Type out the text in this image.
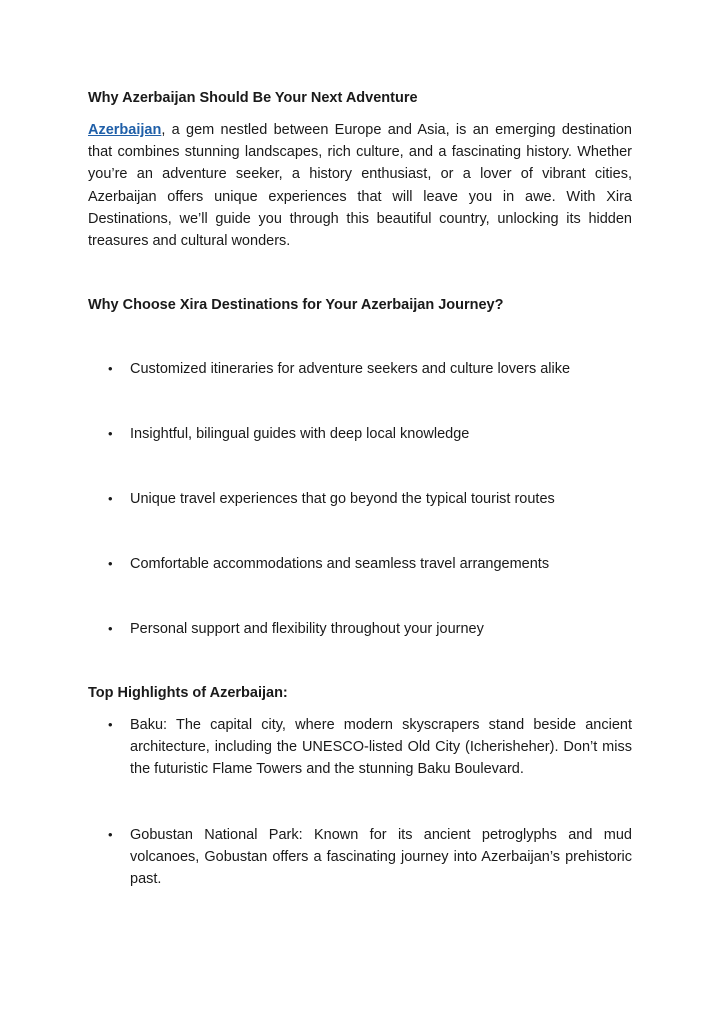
Why Azerbaijan Should Be Your Next Adventure

Azerbaijan, a gem nestled between Europe and Asia, is an emerging destination that combines stunning landscapes, rich culture, and a fascinating history. Whether you’re an adventure seeker, a history enthusiast, or a lover of vibrant cities, Azerbaijan offers unique experiences that will leave you in awe. With Xira Destinations, we’ll guide you through this beautiful country, unlocking its hidden treasures and cultural wonders.

Why Choose Xira Destinations for Your Azerbaijan Journey?

•	Customized itineraries for adventure seekers and culture lovers alike
•	Insightful, bilingual guides with deep local knowledge
•	Unique travel experiences that go beyond the typical tourist routes
•	Comfortable accommodations and seamless travel arrangements
•	Personal support and flexibility throughout your journey

Top Highlights of Azerbaijan:

•	Baku: The capital city, where modern skyscrapers stand beside ancient architecture, including the UNESCO-listed Old City (Icherisheher). Don’t miss the futuristic Flame Towers and the stunning Baku Boulevard.
•	Gobustan National Park: Known for its ancient petroglyphs and mud volcanoes, Gobustan offers a fascinating journey into Azerbaijan’s prehistoric past.
